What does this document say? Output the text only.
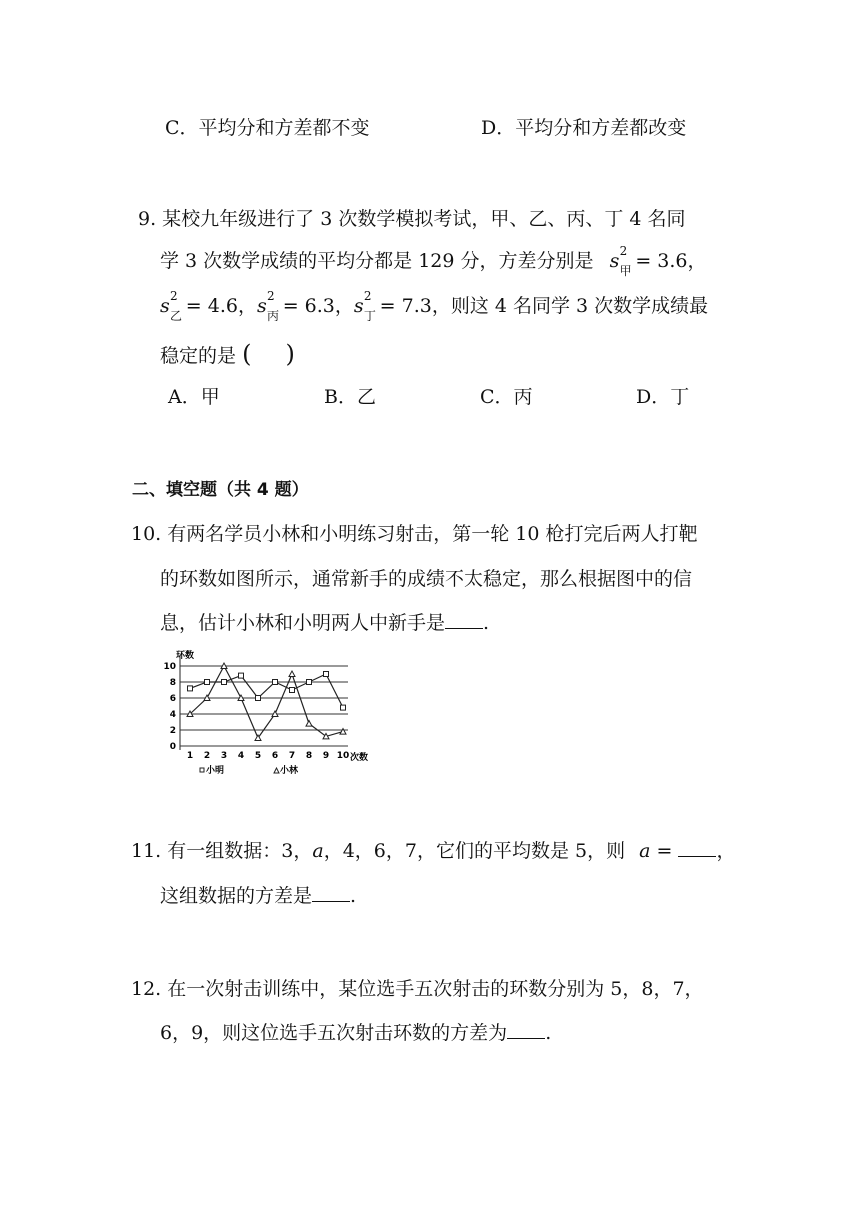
C．平均分和方差都不变	D．平均分和方差都改变
9. 某校九年级进行了 3 次数学模拟考试，甲、乙、丙、丁 4 名同
学 3 次数学成绩的平均分都是 129 分，方差分别是 s 2
甲 = 3.6，
s 2
乙 = 4.6，s 2
丙 = 6.3，s 2
丁 = 7.3，则这 4 名同学 3 次数学成绩最
稳定的是 ( )
A．甲	B．乙	C．丙	D．丁
二、填空题（共 4 题）
10. 有两名学员小林和小明练习射击，第一轮 10 枪打完后两人打靶
的环数如图所示，通常新手的成绩不太稳定，那么根据图中的信
息，估计小林和小明两人中新手是 .
环数
0
2
4
6
8
10
1 2 3 4 5 6 7 8 9 10 次数
小明	小林
11. 有一组数据：3，a，4，6，7，它们的平均数是 5，则 a = ，
这组数据的方差是 .
12. 在一次射击训练中，某位选手五次射击的环数分别为 5，8，7，
6，9，则这位选手五次射击环数的方差为 .
